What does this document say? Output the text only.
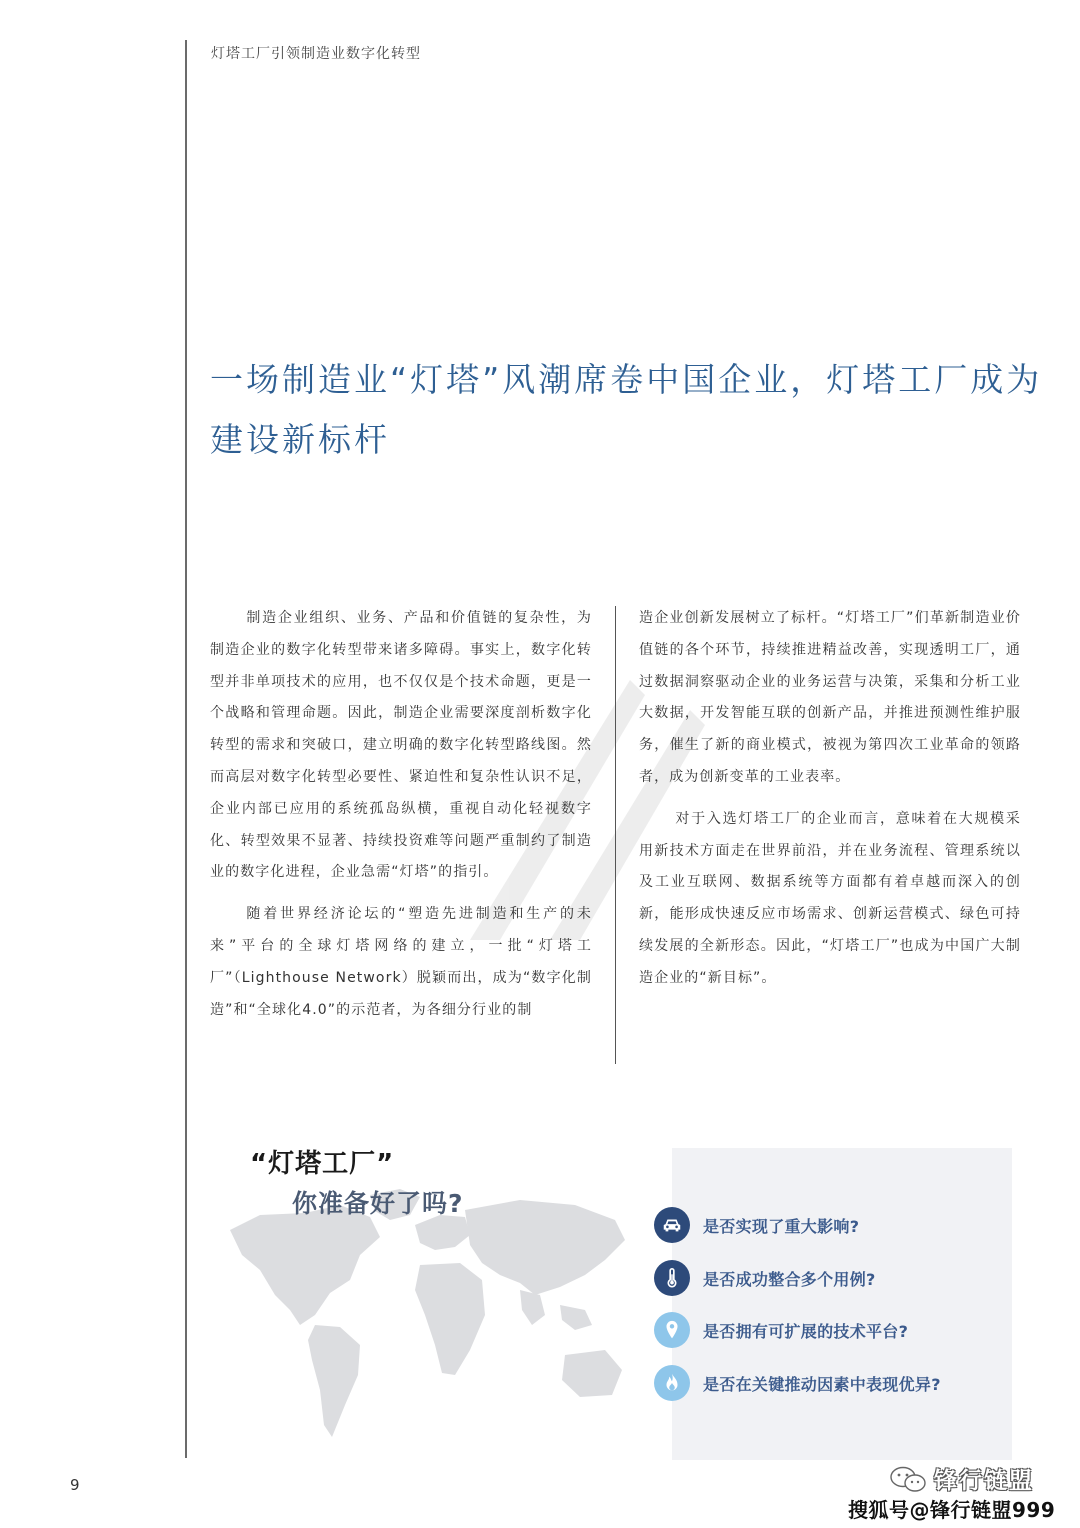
灯塔工厂引领制造业数字化转型
一场制造业“灯塔”风潮席卷中国企业，灯塔工厂成为建设新标杆

制造企业组织、业务、产品和价值链的复杂性，为制造企业的数字化转型带来诸多障碍。事实上，数字化转型并非单项技术的应用，也不仅仅是个技术命题，更是一个战略和管理命题。因此，制造企业需要深度剖析数字化转型的需求和突破口，建立明确的数字化转型路线图。然而高层对数字化转型必要性、紧迫性和复杂性认识不足，企业内部已应用的系统孤岛纵横，重视自动化轻视数字化、转型效果不显著、持续投资难等问题严重制约了制造业的数字化进程，企业急需“灯塔”的指引。

随着世界经济论坛的“塑造先进制造和生产的未来”平台的全球灯塔网络的建立，一批“灯塔工厂”（Lighthouse Network）脱颖而出，成为“数字化制造”和“全球化4.0”的示范者，为各细分行业的制

造企业创新发展树立了标杆。“灯塔工厂”们革新制造业价值链的各个环节，持续推进精益改善，实现透明工厂，通过数据洞察驱动企业的业务运营与决策，采集和分析工业大数据，开发智能互联的创新产品，并推进预测性维护服务，催生了新的商业模式，被视为第四次工业革命的领路者，成为创新变革的工业表率。

对于入选灯塔工厂的企业而言，意味着在大规模采用新技术方面走在世界前沿，并在业务流程、管理系统以及工业互联网、数据系统等方面都有着卓越而深入的创新，能形成快速反应市场需求、创新运营模式、绿色可持续发展的全新形态。因此，“灯塔工厂”也成为中国广大制造企业的“新目标”。

“灯塔工厂”
你准备好了吗?
是否实现了重大影响?
是否成功整合多个用例?
是否拥有可扩展的技术平台?
是否在关键推动因素中表现优异?
9	锋行链盟
搜狐号@锋行链盟999
